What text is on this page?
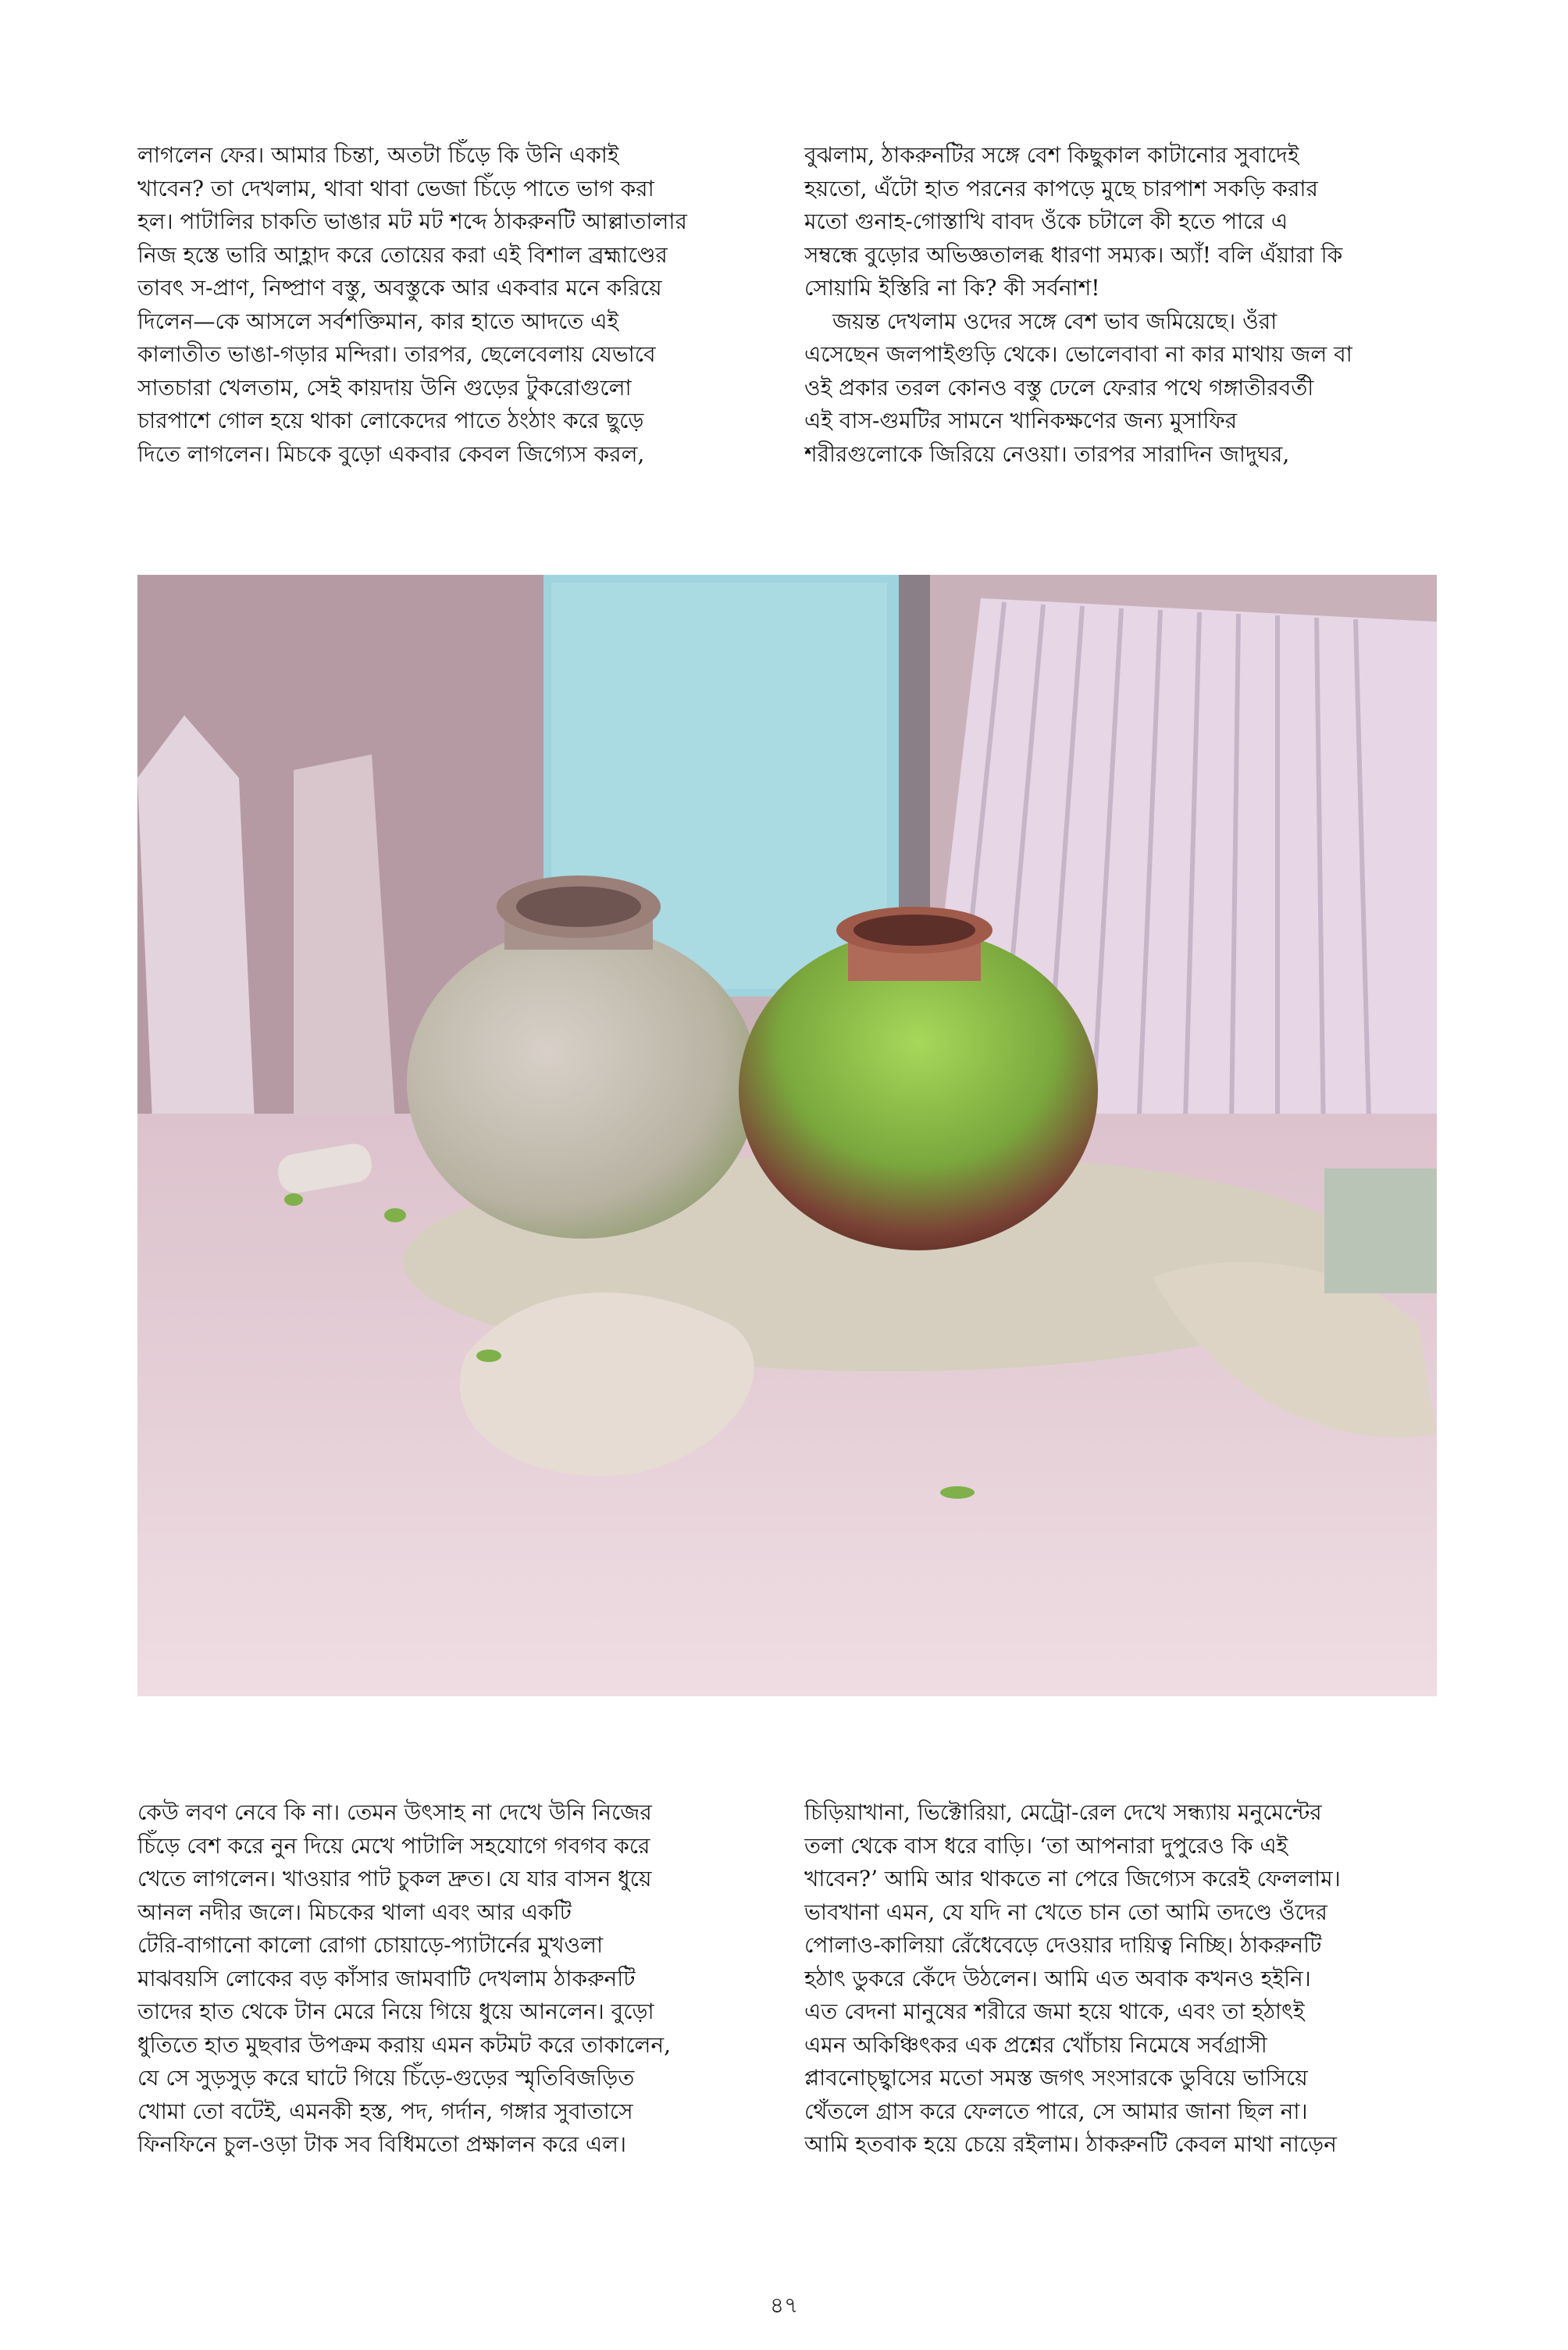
লাগলেন ফের। আমার চিন্তা, অতটা চিঁড়ে কি উনি একাই
খাবেন? তা দেখলাম, থাবা থাবা ভেজা চিঁড়ে পাতে ভাগ করা
হল। পাটালির চাকতি ভাঙার মট মট শব্দে ঠাকরুনটি আল্লাতালার
নিজ হস্তে ভারি আহ্লাদ করে তোয়ের করা এই বিশাল ব্রহ্মাণ্ডের
তাবৎ স-প্রাণ, নিষ্প্রাণ বস্তু, অবস্তুকে আর একবার মনে করিয়ে
দিলেন—কে আসলে সর্বশক্তিমান, কার হাতে আদতে এই
কালাতীত ভাঙা-গড়ার মন্দিরা। তারপর, ছেলেবেলায় যেভাবে
সাতচারা খেলতাম, সেই কায়দায় উনি গুড়ের টুকরোগুলো
চারপাশে গোল হয়ে থাকা লোকেদের পাতে ঠংঠাং করে ছুড়ে
দিতে লাগলেন। মিচকে বুড়ো একবার কেবল জিগ্যেস করল,
বুঝলাম, ঠাকরুনটির সঙ্গে বেশ কিছুকাল কাটানোর সুবাদেই
হয়তো, এঁটো হাত পরনের কাপড়ে মুছে চারপাশ সকড়ি করার
মতো গুনাহ-গোস্তাখি বাবদ ওঁকে চটালে কী হতে পারে এ
সম্বন্ধে বুড়োর অভিজ্ঞতালব্ধ ধারণা সম্যক। অ্যাঁ! বলি এঁয়ারা কি
সোয়ামি ইস্তিরি না কি? কী সর্বনাশ!
জয়ন্ত দেখলাম ওদের সঙ্গে বেশ ভাব জমিয়েছে। ওঁরা
এসেছেন জলপাইগুড়ি থেকে। ভোলেবাবা না কার মাথায় জল বা
ওই প্রকার তরল কোনও বস্তু ঢেলে ফেরার পথে গঙ্গাতীরবর্তী
এই বাস-গুমটির সামনে খানিকক্ষণের জন্য মুসাফির
শরীরগুলোকে জিরিয়ে নেওয়া। তারপর সারাদিন জাদুঘর,
কেউ লবণ নেবে কি না। তেমন উৎসাহ না দেখে উনি নিজের
চিঁড়ে বেশ করে নুন দিয়ে মেখে পাটালি সহযোগে গবগব করে
খেতে লাগলেন। খাওয়ার পাট চুকল দ্রুত। যে যার বাসন ধুয়ে
আনল নদীর জলে। মিচকের থালা এবং আর একটি
টেরি-বাগানো কালো রোগা চোয়াড়ে-প্যাটার্নের মুখওলা
মাঝবয়সি লোকের বড় কাঁসার জামবাটি দেখলাম ঠাকরুনটি
তাদের হাত থেকে টান মেরে নিয়ে গিয়ে ধুয়ে আনলেন। বুড়ো
ধুতিতে হাত মুছবার উপক্রম করায় এমন কটমট করে তাকালেন,
যে সে সুড়সুড় করে ঘাটে গিয়ে চিঁড়ে-গুড়ের স্মৃতিবিজড়িত
খোমা তো বটেই, এমনকী হস্ত, পদ, গর্দান, গঙ্গার সুবাতাসে
ফিনফিনে চুল-ওড়া টাক সব বিধিমতো প্রক্ষালন করে এল।
চিড়িয়াখানা, ভিক্টোরিয়া, মেট্রো-রেল দেখে সন্ধ্যায় মনুমেন্টের
তলা থেকে বাস ধরে বাড়ি। ‘তা আপনারা দুপুরেও কি এই
খাবেন?’ আমি আর থাকতে না পেরে জিগ্যেস করেই ফেললাম।
ভাবখানা এমন, যে যদি না খেতে চান তো আমি তদণ্ডে ওঁদের
পোলাও-কালিয়া রেঁধেবেড়ে দেওয়ার দায়িত্ব নিচ্ছি। ঠাকরুনটি
হঠাৎ ডুকরে কেঁদে উঠলেন। আমি এত অবাক কখনও হইনি।
এত বেদনা মানুষের শরীরে জমা হয়ে থাকে, এবং তা হঠাৎই
এমন অকিঞ্চিৎকর এক প্রশ্নের খোঁচায় নিমেষে সর্বগ্রাসী
প্লাবনোচ্ছ্বাসের মতো সমস্ত জগৎ সংসারকে ডুবিয়ে ভাসিয়ে
থেঁতলে গ্রাস করে ফেলতে পারে, সে আমার জানা ছিল না।
আমি হতবাক হয়ে চেয়ে রইলাম। ঠাকরুনটি কেবল মাথা নাড়েন
৪৭
